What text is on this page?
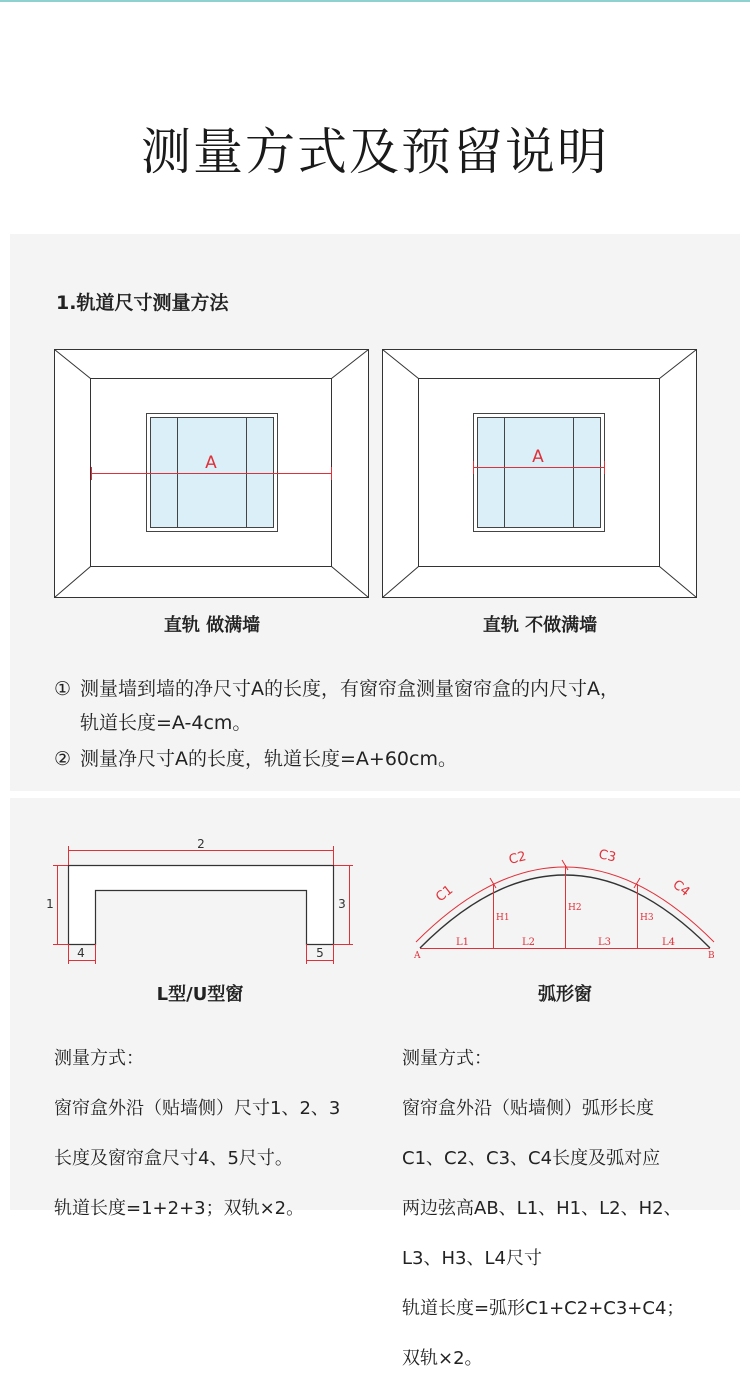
测量方式及预留说明
1.轨道尺寸测量方法
A	A
直轨 做满墙	直轨 不做满墙
① 测量墙到墙的净尺寸A的长度，有窗帘盒测量窗帘盒的内尺寸A，
轨道长度=A-4cm。
② 测量净尺寸A的长度，轨道长度=A+60cm。
2
1	3
4	5
C1
C2	C3
C4
H1
H2
H3
L1	L2	L3	L4
A	B
L型/U型窗	弧形窗

测量方式：

窗帘盒外沿（贴墙侧）尺寸1、2、3

长度及窗帘盒尺寸4、5尺寸。

轨道长度=1+2+3；双轨×2。

测量方式：

窗帘盒外沿（贴墙侧）弧形长度

C1、C2、C3、C4长度及弧对应

两边弦高AB、L1、H1、L2、H2、

L3、H3、L4尺寸

轨道长度=弧形C1+C2+C3+C4；

双轨×2。
